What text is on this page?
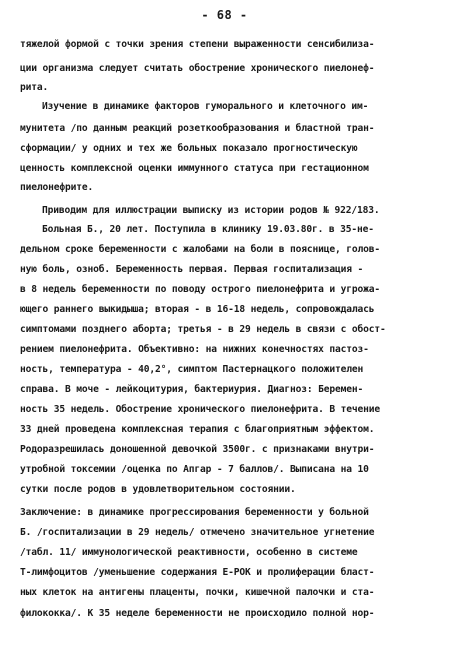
- 68 -
тяжелой формой с точки зрения степени выраженности сенсибилиза-
ции организма следует считать обострение хронического пиелонеф-
рита.
Изучение в динамике факторов гуморального и клеточного им-
мунитета /по данным реакций розеткообразования и бластной тран-
сформации/ у одних и тех же больных показало прогностическую
ценность комплексной оценки иммунного статуса при гестационном
пиелонефрите.
Приводим для иллюстрации выписку из истории родов № 922/183.
Больная Б., 20 лет. Поступила в клинику 19.03.80г. в 35-не-
дельном сроке беременности с жалобами на боли в пояснице, голов-
ную боль, озноб. Беременность первая. Первая госпитализация -
в 8 недель беременности по поводу острого пиелонефрита и угрожа-
ющего раннего выкидыша; вторая - в 16-18 недель, сопровождалась
симптомами позднего аборта; третья - в 29 недель в связи с обост-
рением пиелонефрита. Объективно: на нижних конечностях пастоз-
ность, температура - 40,2°, симптом Пастернацкого положителен
справа. В моче - лейкоцитурия, бактериурия. Диагноз: Беремен-
ность 35 недель. Обострение хронического пиелонефрита. В течение
33 дней проведена комплексная терапия с благоприятным эффектом.
Родоразрешилась доношенной девочкой 3500г. с признаками внутри-
утробной токсемии /оценка по Апгар - 7 баллов/. Выписана на 10
сутки после родов в удовлетворительном состоянии.
Заключение: в динамике прогрессирования беременности у больной
Б. /госпитализации в 29 недель/ отмечено значительное угнетение
/табл. 11/ иммунологической реактивности, особенно в системе
Т-лимфоцитов /уменьшение содержания Е-РОК и пролиферации бласт-
ных клеток на антигены плаценты, почки, кишечной палочки и ста-
филококка/. К 35 неделе беременности не происходило полной нор-
